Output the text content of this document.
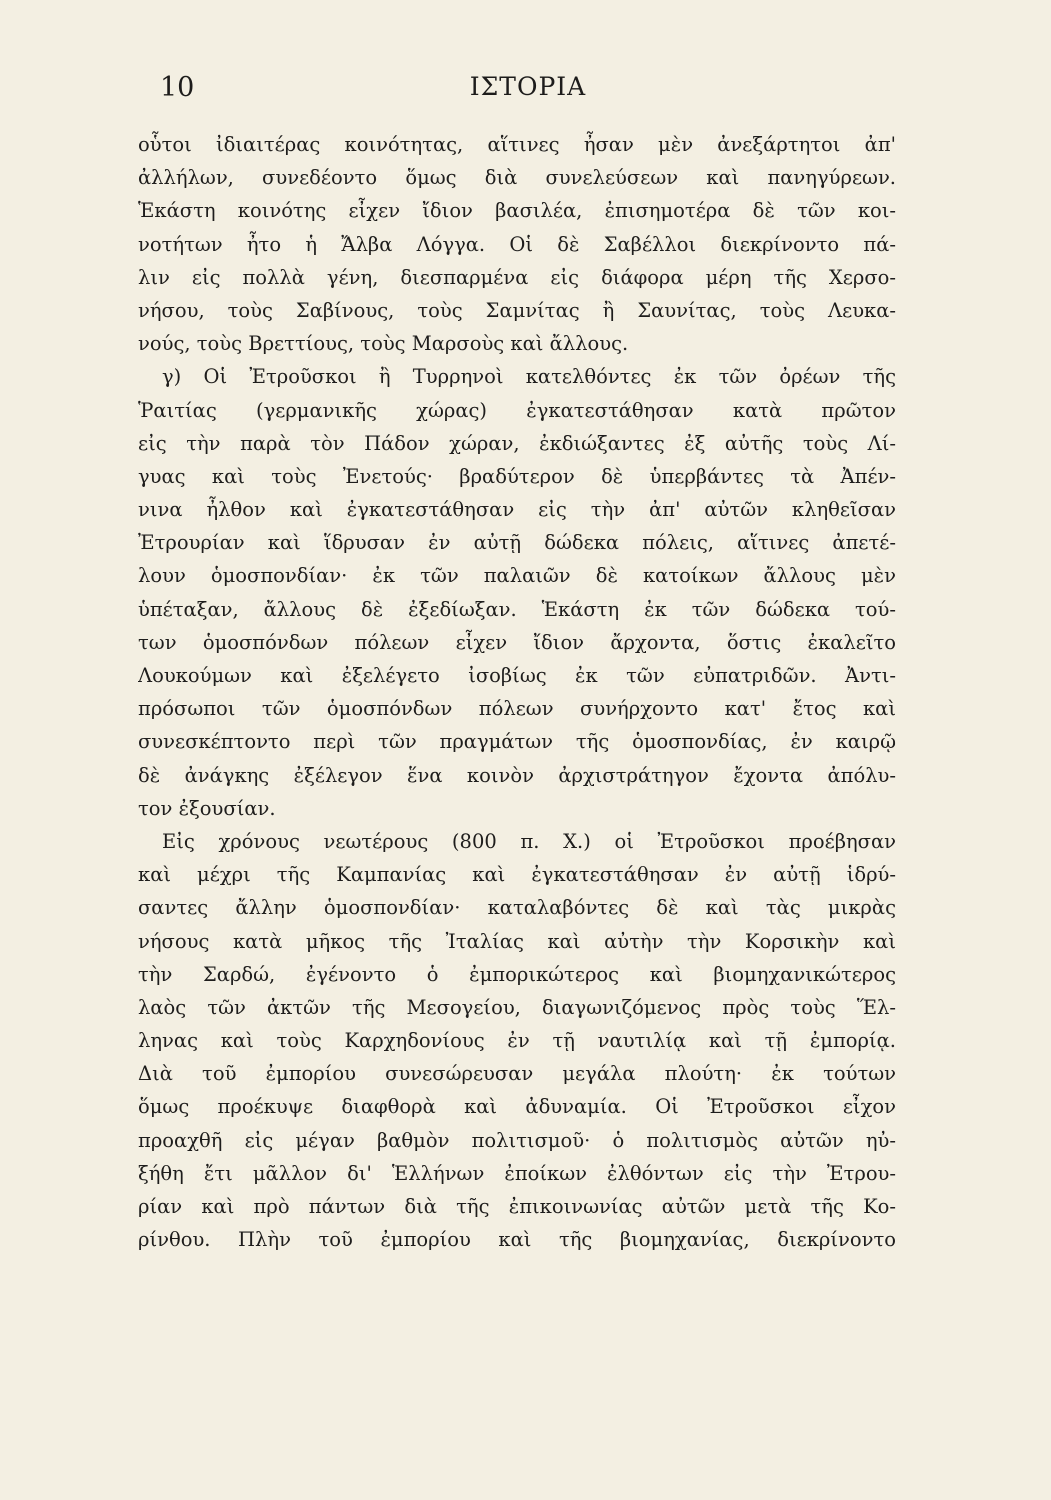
10	ΙΣΤΟΡΙΑ
οὗτοι ἰδιαιτέρας κοινότητας, αἵτινες ἦσαν μὲν ἀνεξάρτητοι ἀπ'
ἀλλήλων, συνεδέοντο ὅμως διὰ συνελεύσεων καὶ πανηγύρεων.
Ἑκάστη κοινότης εἶχεν ἴδιον βασιλέα, ἐπισημοτέρα δὲ τῶν κοι-
νοτήτων ἦτο ἡ Ἄλβα Λόγγα. Οἱ δὲ Σαβέλλοι διεκρίνοντο πά-
λιν εἰς πολλὰ γένη, διεσπαρμένα εἰς διάφορα μέρη τῆς Χερσο-
νήσου, τοὺς Σαβίνους, τοὺς Σαμνίτας ἢ Σαυνίτας, τοὺς Λευκα-
νούς, τοὺς Βρεττίους, τοὺς Μαρσοὺς καὶ ἄλλους.
γ) Οἱ Ἐτροῦσκοι ἢ Τυρρηνοὶ κατελθόντες ἐκ τῶν ὀρέων τῆς
Ῥαιτίας (γερμανικῆς χώρας) ἐγκατεστάθησαν κατὰ πρῶτον
εἰς τὴν παρὰ τὸν Πάδον χώραν, ἐκδιώξαντες ἐξ αὐτῆς τοὺς Λί-
γυας καὶ τοὺς Ἐνετούς· βραδύτερον δὲ ὑπερβάντες τὰ Ἀπέν-
νινα ἦλθον καὶ ἐγκατεστάθησαν εἰς τὴν ἀπ' αὐτῶν κληθεῖσαν
Ἐτρουρίαν καὶ ἵδρυσαν ἐν αὐτῇ δώδεκα πόλεις, αἵτινες ἀπετέ-
λουν ὁμοσπονδίαν· ἐκ τῶν παλαιῶν δὲ κατοίκων ἄλλους μὲν
ὑπέταξαν, ἄλλους δὲ ἐξεδίωξαν. Ἑκάστη ἐκ τῶν δώδεκα τού-
των ὁμοσπόνδων πόλεων εἶχεν ἴδιον ἄρχοντα, ὅστις ἐκαλεῖτο
Λουκούμων καὶ ἐξελέγετο ἰσοβίως ἐκ τῶν εὐπατριδῶν. Ἀντι-
πρόσωποι τῶν ὁμοσπόνδων πόλεων συνήρχοντο κατ' ἔτος καὶ
συνεσκέπτοντο περὶ τῶν πραγμάτων τῆς ὁμοσπονδίας, ἐν καιρῷ
δὲ ἀνάγκης ἐξέλεγον ἕνα κοινὸν ἀρχιστράτηγον ἔχοντα ἀπόλυ-
τον ἐξουσίαν.
Εἰς χρόνους νεωτέρους (800 π. Χ.) οἱ Ἐτροῦσκοι προέβησαν
καὶ μέχρι τῆς Καμπανίας καὶ ἐγκατεστάθησαν ἐν αὐτῇ ἱδρύ-
σαντες ἄλλην ὁμοσπονδίαν· καταλαβόντες δὲ καὶ τὰς μικρὰς
νήσους κατὰ μῆκος τῆς Ἰταλίας καὶ αὐτὴν τὴν Κορσικὴν καὶ
τὴν Σαρδώ, ἐγένοντο ὁ ἐμπορικώτερος καὶ βιομηχανικώτερος
λαὸς τῶν ἀκτῶν τῆς Μεσογείου, διαγωνιζόμενος πρὸς τοὺς Ἕλ-
ληνας καὶ τοὺς Καρχηδονίους ἐν τῇ ναυτιλίᾳ καὶ τῇ ἐμπορίᾳ.
Διὰ τοῦ ἐμπορίου συνεσώρευσαν μεγάλα πλούτη· ἐκ τούτων
ὅμως προέκυψε διαφθορὰ καὶ ἀδυναμία. Οἱ Ἐτροῦσκοι εἶχον
προαχθῆ εἰς μέγαν βαθμὸν πολιτισμοῦ· ὁ πολιτισμὸς αὐτῶν ηὐ-
ξήθη ἔτι μᾶλλον δι' Ἑλλήνων ἐποίκων ἐλθόντων εἰς τὴν Ἐτρου-
ρίαν καὶ πρὸ πάντων διὰ τῆς ἐπικοινωνίας αὐτῶν μετὰ τῆς Κο-
ρίνθου. Πλὴν τοῦ ἐμπορίου καὶ τῆς βιομηχανίας, διεκρίνοντο
